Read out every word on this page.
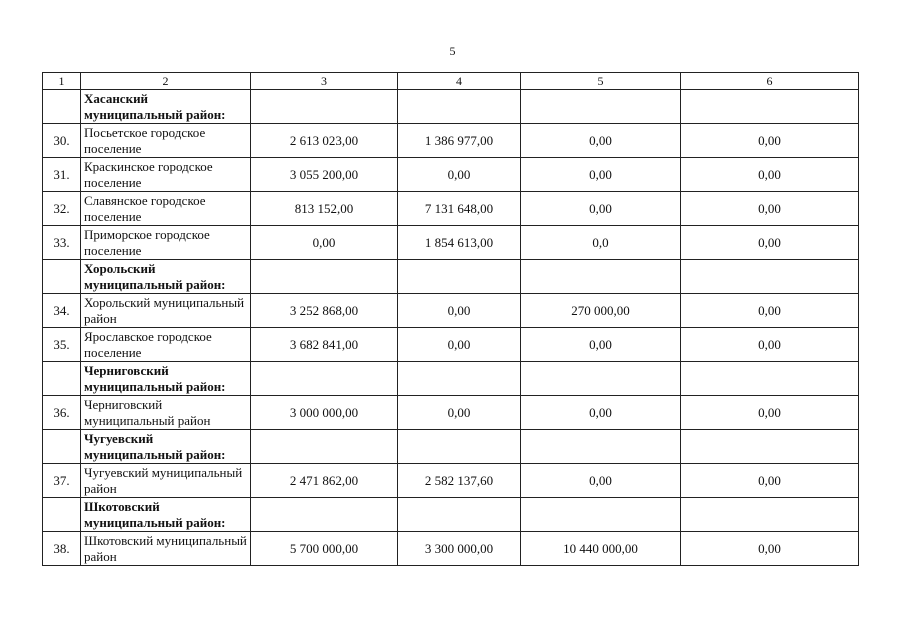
5
1	2	3	4	5	6
	Хасанский муниципальный район:				
30.	Посьетское городское поселение	2 613 023,00	1 386 977,00	0,00	0,00
31.	Краскинское городское поселение	3 055 200,00	0,00	0,00	0,00
32.	Славянское городское поселение	813 152,00	7 131 648,00	0,00	0,00
33.	Приморское городское поселение	0,00	1 854 613,00	0,0	0,00
	Хорольский муниципальный район:				
34.	Хорольский муниципальный район	3 252 868,00	0,00	270 000,00	0,00
35.	Ярославское городское поселение	3 682 841,00	0,00	0,00	0,00
	Черниговский муниципальный район:				
36.	Черниговский муниципальный район	3 000 000,00	0,00	0,00	0,00
	Чугуевский муниципальный район:				
37.	Чугуевский муниципальный район	2 471 862,00	2 582 137,60	0,00	0,00
	Шкотовский муниципальный район:				
38.	Шкотовский муниципальный район	5 700 000,00	3 300 000,00	10 440 000,00	0,00
